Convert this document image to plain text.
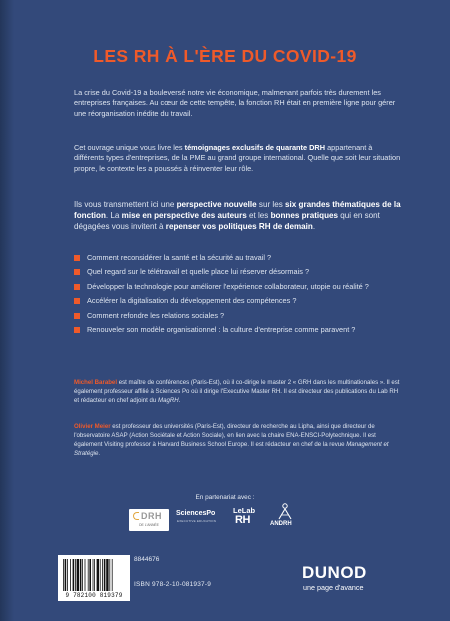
LES RH À L'ÈRE DU COVID-19

La crise du Covid-19 a bouleversé notre vie économique, malmenant parfois très durement les entreprises françaises. Au cœur de cette tempête, la fonction RH était en première ligne pour gérer une réorganisation inédite du travail.

Cet ouvrage unique vous livre les témoignages exclusifs de quarante DRH appartenant à différents types d'entreprises, de la PME au grand groupe international. Quelle que soit leur situation propre, le contexte les a poussés à réinventer leur rôle.

Ils vous transmettent ici une perspective nouvelle sur les six grandes thématiques de la fonction. La mise en perspective des auteurs et les bonnes pratiques qui en sont dégagées vous invitent à repenser vos politiques RH de demain.

Comment reconsidérer la santé et la sécurité au travail ?
Quel regard sur le télétravail et quelle place lui réserver désormais ?
Développer la technologie pour améliorer l'expérience collaborateur, utopie ou réalité ?
Accélérer la digitalisation du développement des compétences ?
Comment refondre les relations sociales ?
Renouveler son modèle organisationnel : la culture d'entreprise comme paravent ?

Michel Barabel est maître de conférences (Paris-Est), où il co-dirige le master 2 « GRH dans les multinationales ». Il est également professeur affilié à Sciences Po où il dirige l'Executive Master RH. Il est directeur des publications du Lab RH et rédacteur en chef adjoint du MagRH.

Olivier Meier est professeur des universités (Paris-Est), directeur de recherche au Lipha, ainsi que directeur de l'observatoire ASAP (Action Sociétale et Action Sociale), en lien avec la chaire ENA-ENSCI-Polytechnique. Il est également Visiting professor à Harvard Business School Europe. Il est rédacteur en chef de la revue Management et Stratégie.

En partenariat avec :
DRH
DE L'ANNÉE
SciencesPo
EXECUTIVE EDUCATION
LeLab
RH	ANDRH
9 782100 819379
8844676
ISBN 978-2-10-081937-9
DUNOD
une page d'avance
